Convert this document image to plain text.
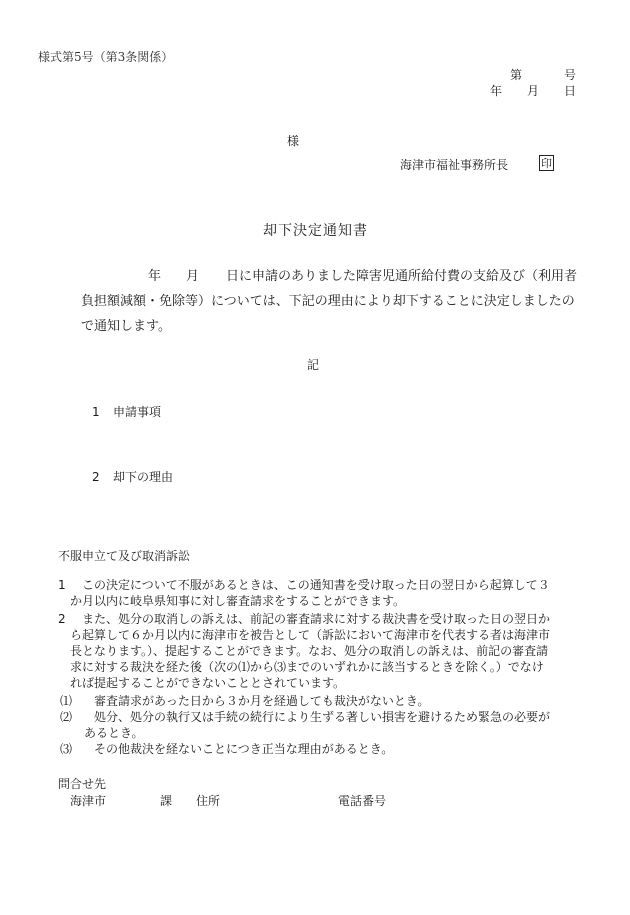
様式第5号（第3条関係）
第	号
年 月 日
様
海津市福祉事務所長	印
却下決定通知書
年 月 日に申請のありました障害児通所給付費の支給及び（利用者
負担額減額・免除等）については、下記の理由により却下することに決定しましたの
で通知します。
記
1 申請事項
2 却下の理由
不服申立て及び取消訴訟
1 この決定について不服があるときは、この通知書を受け取った日の翌日から起算して３
か月以内に岐阜県知事に対し審査請求をすることができます。
2 また、処分の取消しの訴えは、前記の審査請求に対する裁決書を受け取った日の翌日か
ら起算して６か月以内に海津市を被告として（訴訟において海津市を代表する者は海津市
長となります。）、提起することができます。なお、処分の取消しの訴えは、前記の審査請
求に対する裁決を経た後（次の⑴から⑶までのいずれかに該当するときを除く。）でなけ
れば提起することができないこととされています。
⑴ 審査請求があった日から３か月を経過しても裁決がないとき。
⑵ 処分、処分の執行又は手続の続行により生ずる著しい損害を避けるため緊急の必要が
あるとき。
⑶ その他裁決を経ないことにつき正当な理由があるとき。
問合せ先
海津市	課 住所	電話番号
